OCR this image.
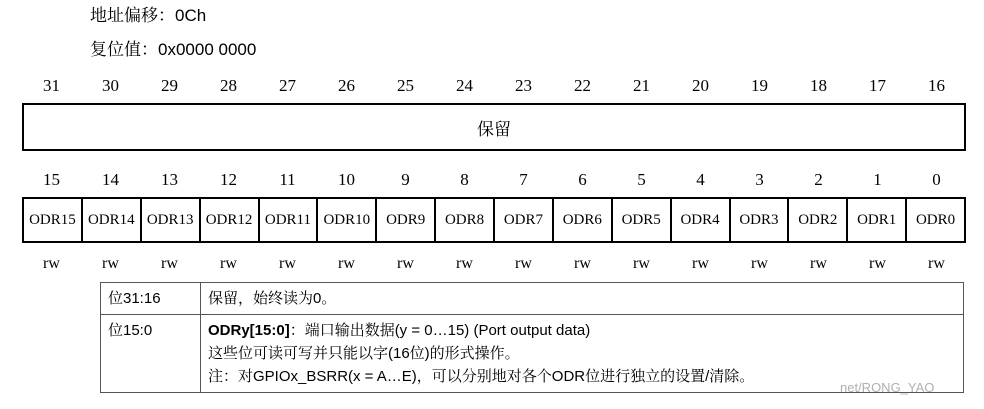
地址偏移：0Ch
复位值：0x0000 0000
31	30	29	28	27	26	25	24	23	22	21	20	19	18	17	16
保留
15	14	13	12	11	10	9	8	7	6	5	4	3	2	1	0
ODR15 ODR14 ODR13 ODR12 ODR11 ODR10	ODR9	ODR8	ODR7	ODR6	ODR5	ODR4	ODR3	ODR2	ODR1	ODR0
rw	rw	rw	rw	rw	rw	rw	rw	rw	rw	rw	rw	rw	rw	rw	rw
位31:16	保留，始终读为0。
位15:0	ODRy[15:0]：端口输出数据(y = 0…15) (Port output data)
这些位可读可写并只能以字(16位)的形式操作。
注：对GPIOx_BSRR(x = A…E)，可以分别地对各个ODR位进行独立的设置/清除。
net/RONG_YAO
